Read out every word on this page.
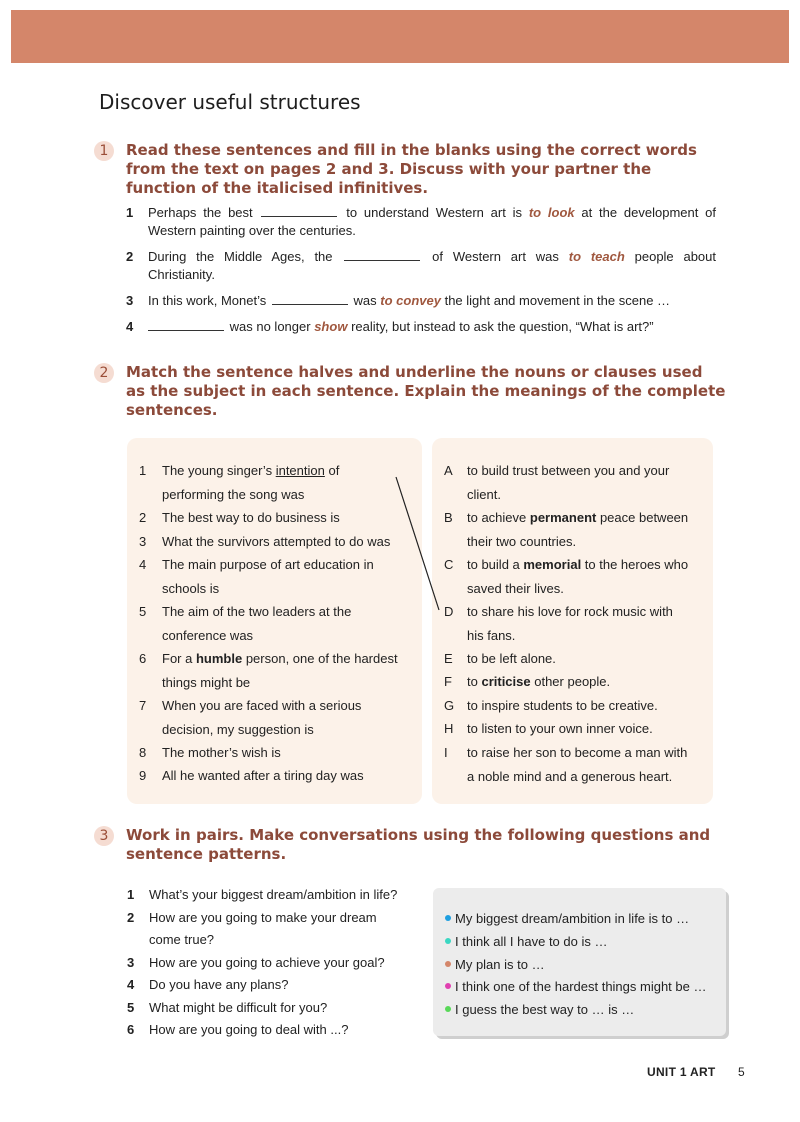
Discover useful structures
1	Read these sentences and fill in the blanks using the correct words from the text on pages 2 and 3. Discuss with your partner the function of the italicised infinitives.
1 Perhaps the best	to understand Western art is to look at the development of Western painting over the centuries.
2 During the Middle Ages, the	of Western art was to teach people about Christianity.
3 In this work, Monet’s	was to convey the light and movement in the scene …
4	was no longer show reality, but instead to ask the question, “What is art?”
2	Match the sentence halves and underline the nouns or clauses used as the subject in each sentence. Explain the meanings of the complete sentences.
1	The young singer’s intention of
performing the song was
2	The best way to do business is
3	What the survivors attempted to do was
4	The main purpose of art education in
schools is
5	The aim of the two leaders at the
conference was
6	For a humble person, one of the hardest
things might be
7	When you are faced with a serious
decision, my suggestion is
8	The mother’s wish is
9	All he wanted after a tiring day was
A	to build trust between you and your
client.
B	to achieve permanent peace between
their two countries.
C	to build a memorial to the heroes who
saved their lives.
D	to share his love for rock music with
his fans.
E	to be left alone.
F	to criticise other people.
G to inspire students to be creative.
H	to listen to your own inner voice.
I	to raise her son to become a man with
a noble mind and a generous heart.
3	Work in pairs. Make conversations using the following questions and sentence patterns.
1 What’s your biggest dream/ambition in life?
2 How are you going to make your dream
come true?
3 How are you going to achieve your goal?
4 Do you have any plans?
5 What might be difficult for you?
6 How are you going to deal with ...?
My biggest dream/ambition in life is to …
I think all I have to do is …
My plan is to …
I think one of the hardest things might be …
I guess the best way to … is …
UNIT 1 ART 5
